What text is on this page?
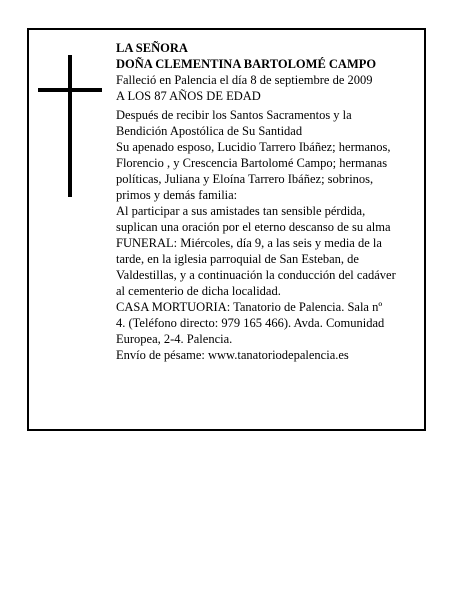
LA SEÑORA
DOÑA CLEMENTINA BARTOLOMÉ CAMPO
Falleció en Palencia el día 8 de septiembre de 2009
A LOS 87 AÑOS DE EDAD
Después de recibir los Santos Sacramentos y la
Bendición Apostólica de Su Santidad
Su apenado esposo, Lucidio Tarrero Ibáñez; hermanos,
Florencio , y Crescencia Bartolomé Campo; hermanas
políticas, Juliana y Eloína Tarrero Ibáñez; sobrinos,
primos y demás familia:
Al participar a sus amistades tan sensible pérdida,
suplican una oración por el eterno descanso de su alma
FUNERAL: Miércoles, día 9, a las seis y media de la
tarde, en la iglesia parroquial de San Esteban, de
Valdestillas, y a continuación la conducción del cadáver
al cementerio de dicha localidad.
CASA MORTUORIA: Tanatorio de Palencia. Sala nº
4. (Teléfono directo: 979 165 466). Avda. Comunidad
Europea, 2-4. Palencia.
Envío de pésame: www.tanatoriodepalencia.es
